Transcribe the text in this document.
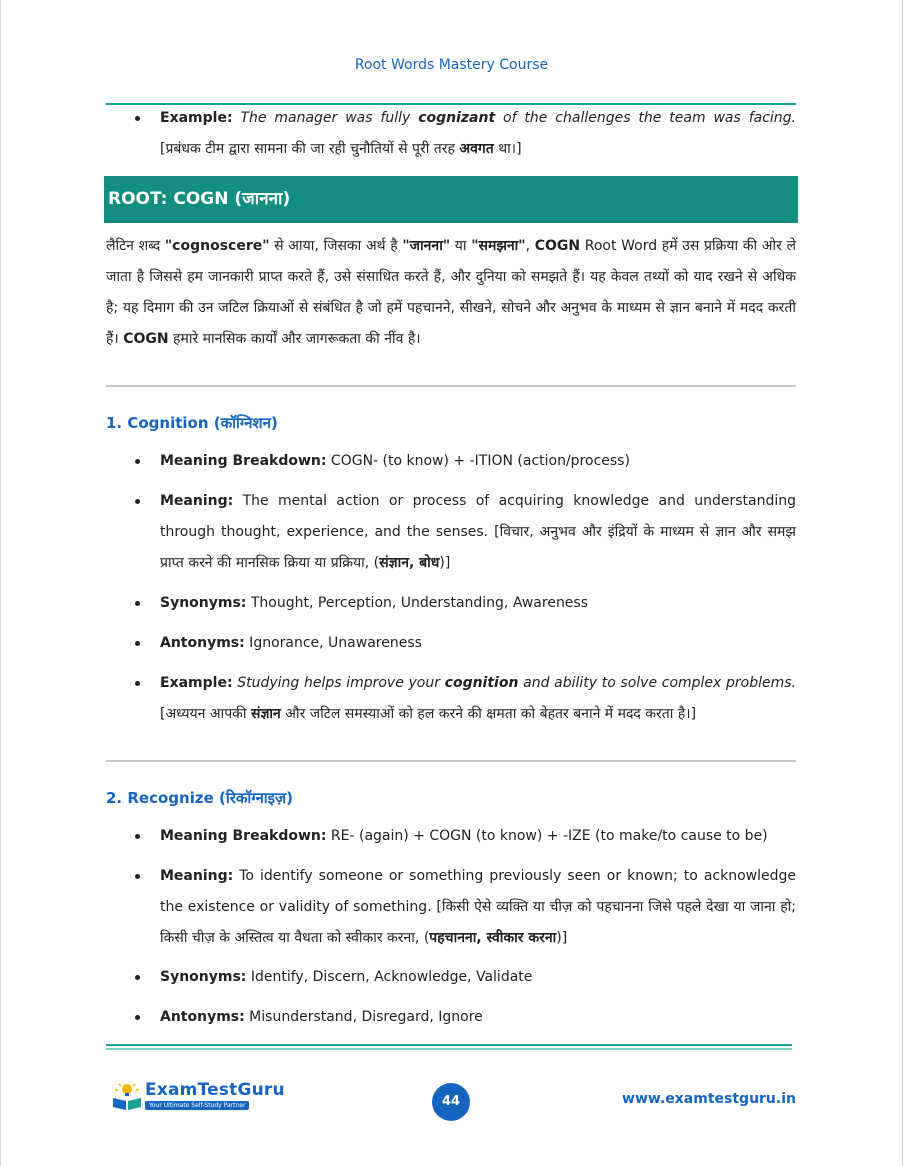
Root Words Mastery Course
Example: The manager was fully cognizant of the challenges the team was facing. [प्रबंधक टीम द्वारा सामना की जा रही चुनौतियों से पूरी तरह अवगत था।]
ROOT: COGN (जानना)
लैटिन शब्द "cognoscere" से आया, जिसका अर्थ है "जानना" या "समझना", COGN Root Word हमें उस प्रक्रिया की ओर ले जाता है जिससे हम जानकारी प्राप्त करते हैं, उसे संसाधित करते हैं, और दुनिया को समझते हैं। यह केवल तथ्यों को याद रखने से अधिक है; यह दिमाग की उन जटिल क्रियाओं से संबंधित है जो हमें पहचानने, सीखने, सोचने और अनुभव के माध्यम से ज्ञान बनाने में मदद करती हैं। COGN हमारे मानसिक कार्यों और जागरूकता की नींव है।
1. Cognition (कॉग्निशन)
Meaning Breakdown: COGN- (to know) + -ITION (action/process)
Meaning: The mental action or process of acquiring knowledge and understanding through thought, experience, and the senses. [विचार, अनुभव और इंद्रियों के माध्यम से ज्ञान और समझ प्राप्त करने की मानसिक क्रिया या प्रक्रिया, (संज्ञान, बोध)]
Synonyms: Thought, Perception, Understanding, Awareness
Antonyms: Ignorance, Unawareness
Example: Studying helps improve your cognition and ability to solve complex problems. [अध्ययन आपकी संज्ञान और जटिल समस्याओं को हल करने की क्षमता को बेहतर बनाने में मदद करता है।]
2. Recognize (रिकॉग्नाइज़)
Meaning Breakdown: RE- (again) + COGN (to know) + -IZE (to make/to cause to be)
Meaning: To identify someone or something previously seen or known; to acknowledge the existence or validity of something. [किसी ऐसे व्यक्ति या चीज़ को पहचानना जिसे पहले देखा या जाना हो; किसी चीज़ के अस्तित्व या वैधता को स्वीकार करना, (पहचानना, स्वीकार करना)]
Synonyms: Identify, Discern, Acknowledge, Validate
Antonyms: Misunderstand, Disregard, Ignore
ExamTestGuru
Your Ultimate Self-Study Partner	44	www.examtestguru.in
